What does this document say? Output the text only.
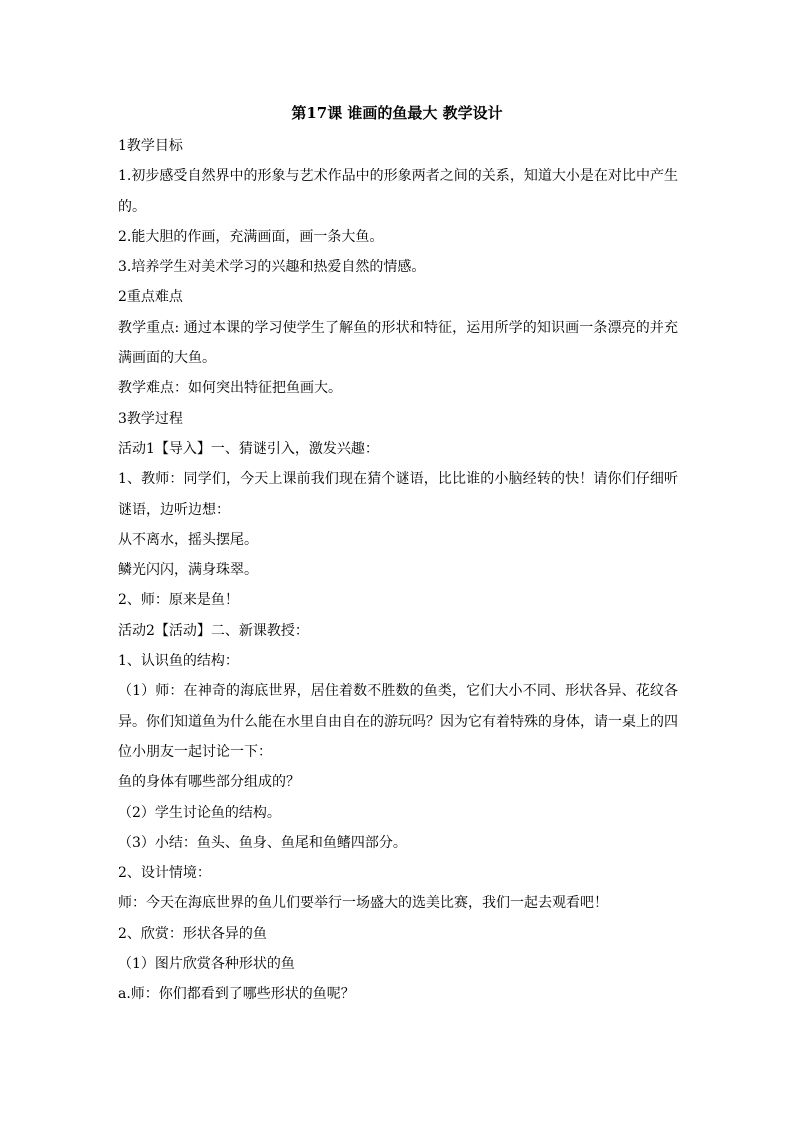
第17课 谁画的鱼最大 教学设计

1教学目标

1.初步感受自然界中的形象与艺术作品中的形象两者之间的关系，知道大小是在对比中产生的。

2.能大胆的作画，充满画面，画一条大鱼。

3.培养学生对美术学习的兴趣和热爱自然的情感。

2重点难点

教学重点: 通过本课的学习使学生了解鱼的形状和特征，运用所学的知识画一条漂亮的并充满画面的大鱼。

教学难点：如何突出特征把鱼画大。

3教学过程

活动1【导入】一、猜谜引入，激发兴趣：

1、教师：同学们，今天上课前我们现在猜个谜语，比比谁的小脑经转的快！请你们仔细听谜语，边听边想：

从不离水，摇头摆尾。

鳞光闪闪，满身珠翠。

2、师：原来是鱼！

活动2【活动】二、新课教授：

1、认识鱼的结构：

（1）师：在神奇的海底世界，居住着数不胜数的鱼类，它们大小不同、形状各异、花纹各异。你们知道鱼为什么能在水里自由自在的游玩吗？因为它有着特殊的身体，请一桌上的四位小朋友一起讨论一下：

鱼的身体有哪些部分组成的？

（2）学生讨论鱼的结构。

（3）小结：鱼头、鱼身、鱼尾和鱼鳍四部分。

2、设计情境：

师：今天在海底世界的鱼儿们要举行一场盛大的选美比赛，我们一起去观看吧！

2、欣赏：形状各异的鱼

（1）图片欣赏各种形状的鱼

a.师：你们都看到了哪些形状的鱼呢？
